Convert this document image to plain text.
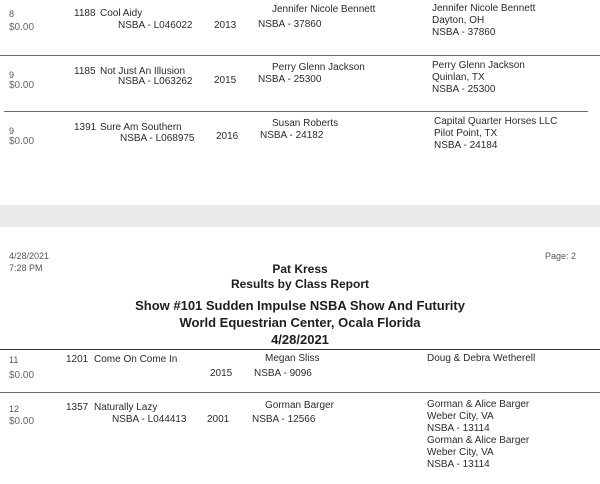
8	1188 Cool Aidy	Jennifer Nicole Bennett	Jennifer Nicole Bennett
$0.00	NSBA - L046022 2013 NSBA - 37860	Dayton, OH
NSBA - 37860
9	1185 Not Just An Illusion	Perry Glenn Jackson	Perry Glenn Jackson
$0.00	NSBA - L063262 2015 NSBA - 25300	Quinlan, TX
NSBA - 25300
9	1391 Sure Am Southern	Susan Roberts	Capital Quarter Horses LLC
$0.00	NSBA - L068975 2016 NSBA - 24182	Pilot Point, TX
NSBA - 24184
4/28/2021
7:28 PM
Page: 2
Pat Kress
Results by Class Report
Show #101 Sudden Impulse NSBA Show And Futurity
World Equestrian Center, Ocala Florida
4/28/2021
11	1201 Come On Come In	Megan Sliss	Doug & Debra Wetherell
$0.00	2015 NSBA - 9096
12	1357 Naturally Lazy	Gorman Barger	Gorman & Alice Barger
$0.00	NSBA - L044413 2001 NSBA - 12566	Weber City, VA
NSBA - 13114
Gorman & Alice Barger
Weber City, VA
NSBA - 13114
